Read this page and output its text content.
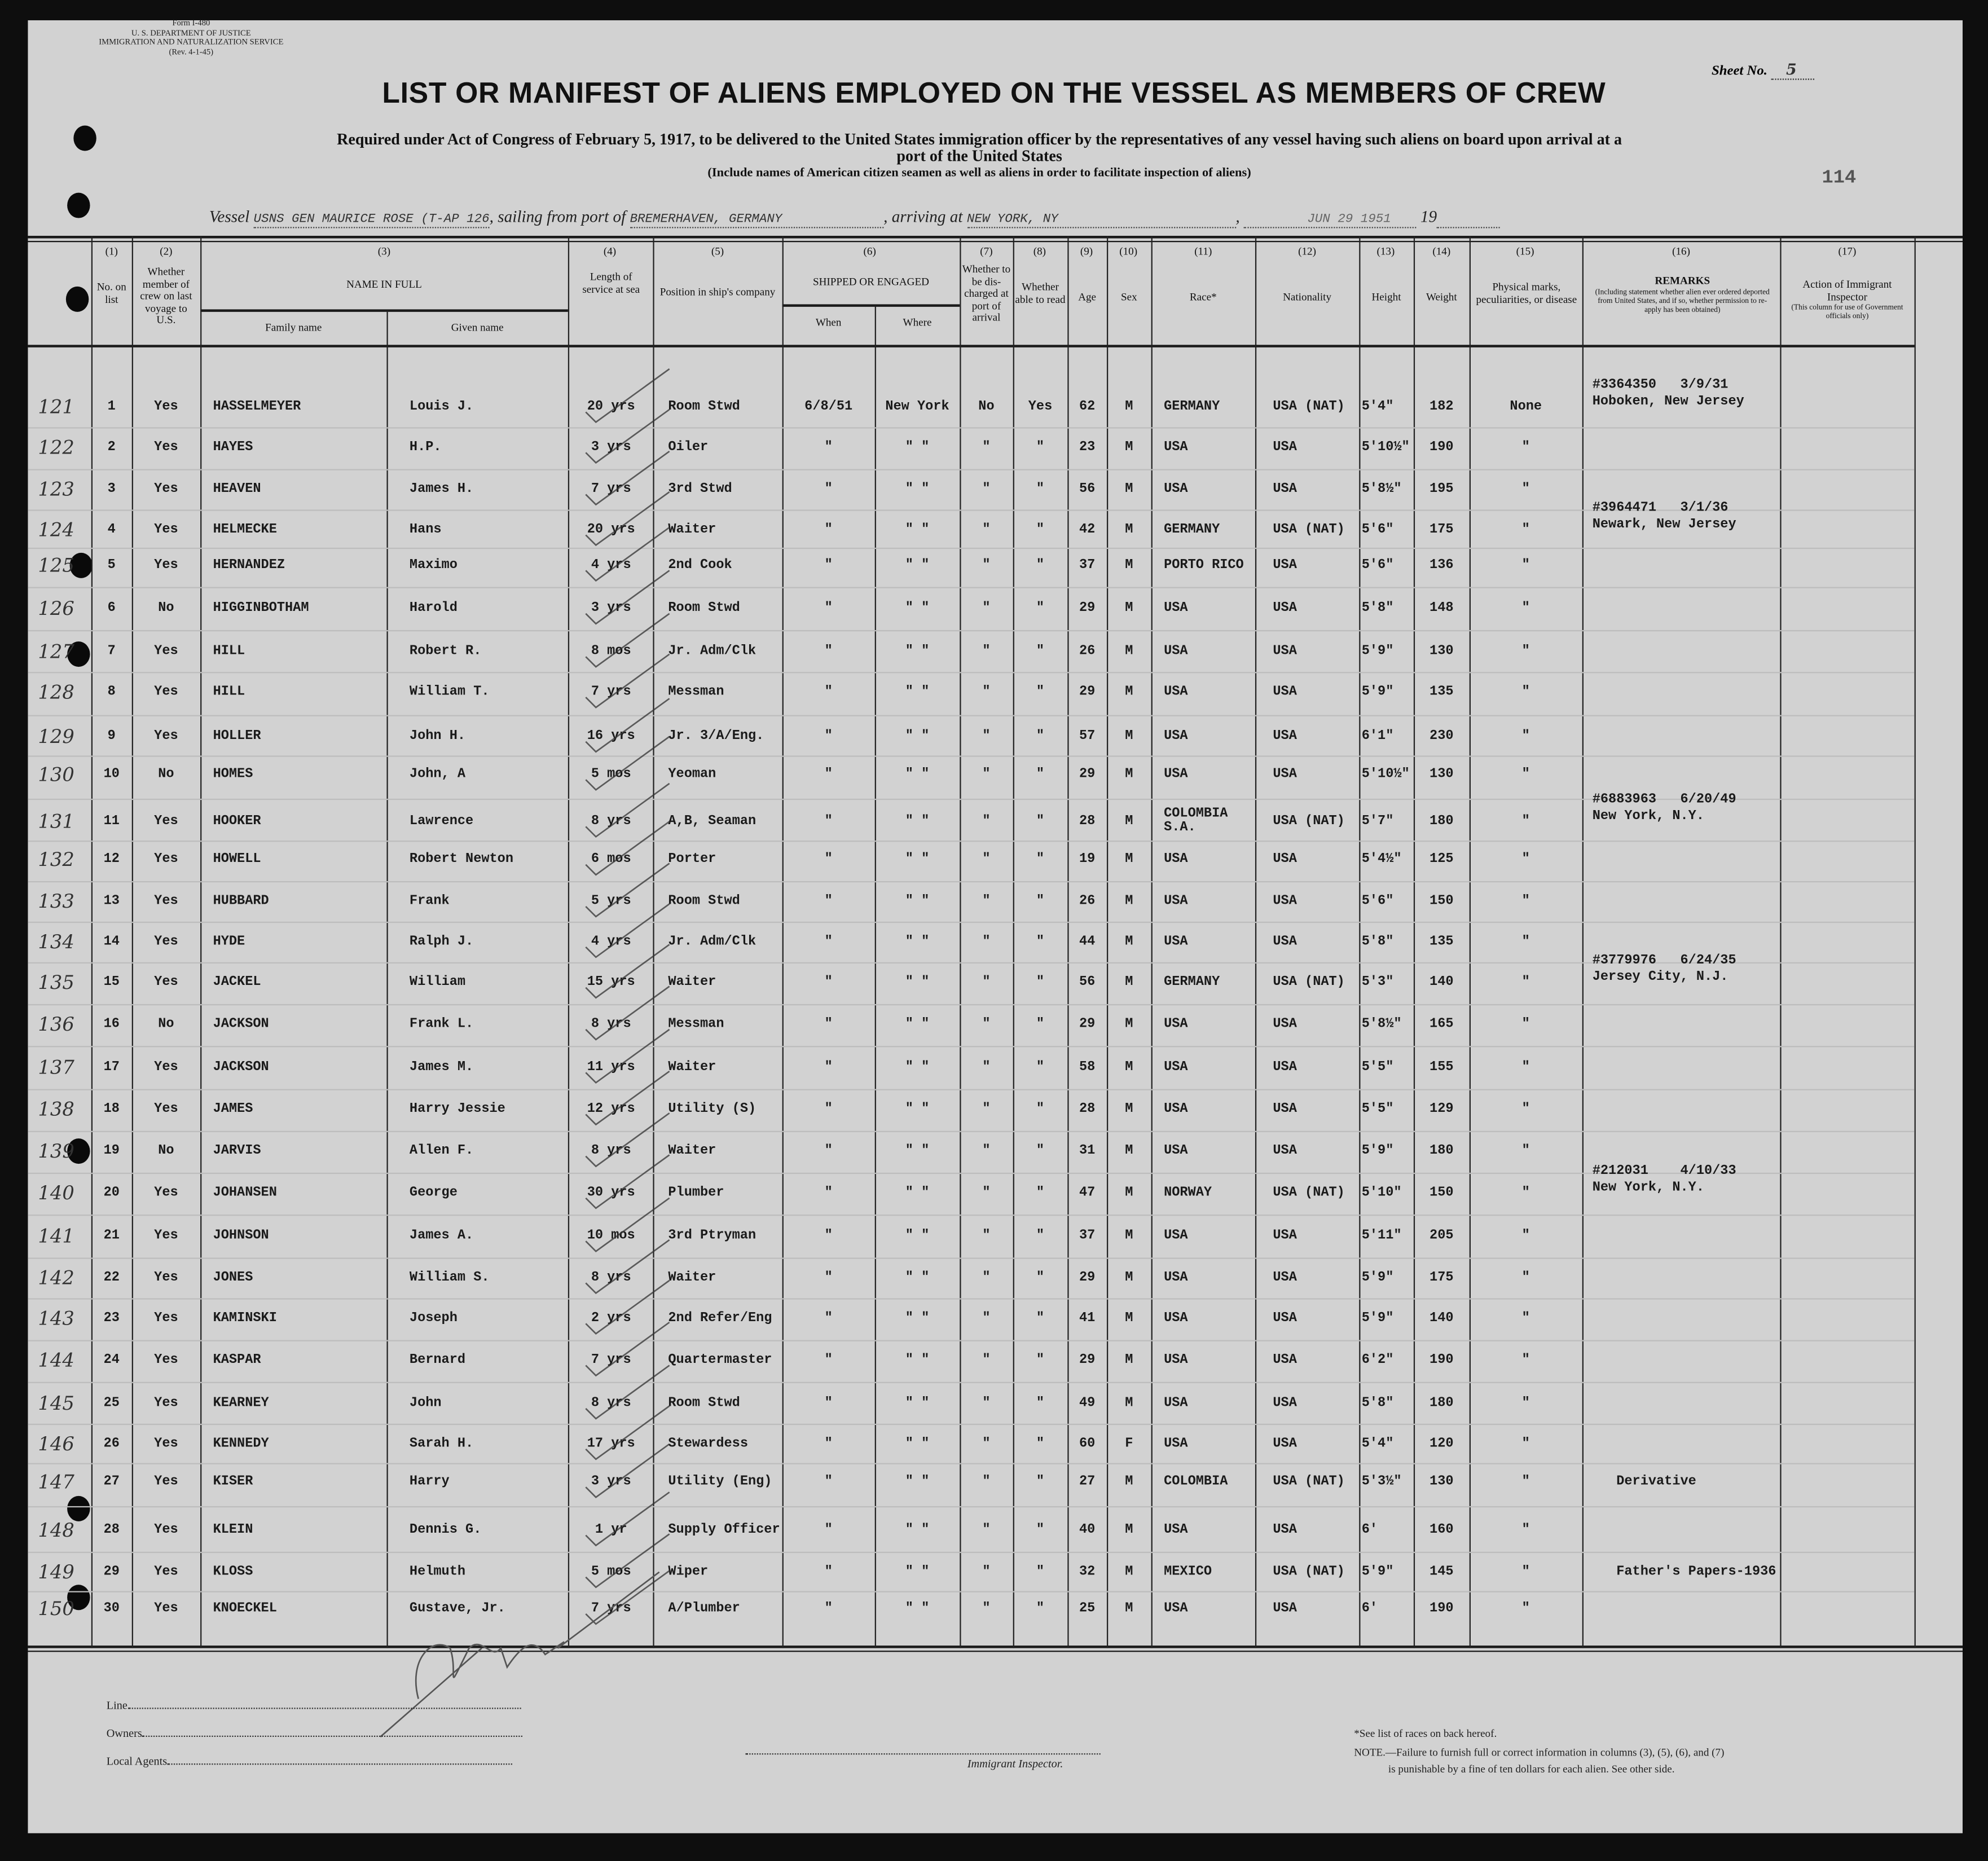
Form I-480
U. S. DEPARTMENT OF JUSTICE
IMMIGRATION AND NATURALIZATION SERVICE
(Rev. 4-1-45)
Sheet No.	5
LIST OR MANIFEST OF ALIENS EMPLOYED ON THE VESSEL AS MEMBERS OF CREW
Required under Act of Congress of February 5, 1917, to be delivered to the United States immigration officer by the representatives of any vessel having such aliens on board upon arrival at a
port of the United States
(Include names of American citizen seamen as well as aliens in order to facilitate inspection of aliens)	114
Vessel USNS GEN MAURICE ROSE (T-AP 126, sailing from port of BREMERHAVEN, GERMANY	, arriving at NEW YORK, NY	,	JUN 29 1951	19
(1)	(2)	(3)	(4)	(5)	(6)	(7)	(8)	(9)	(10)	(11)	(12)	(13)	(14)	(15)	(16)	(17)
No. on list
Whether member of crew on last voyage to U.S.
NAME IN FULL
Family name	Given name
Length of service at sea	Position in ship's company
SHIPPED OR ENGAGED
When	Where
Whether to be dis-charged at port of arrival
Whether able to read	Age	Sex	Race*	Nationality	Height	Weight
Physical marks, peculiarities, or disease
REMARKS
(Including statement whether alien ever ordered deported from United States, and if so, whether permission to re-apply has been obtained)
Action of Immigrant Inspector
(This column for use of Government officials only)
121	1	Yes	HASSELMEYER	Louis J.	20 yrs	Room Stwd	6/8/51	New York	No	Yes	62	M	GERMANY	USA (NAT)	5'4"	182	None
#3364350   3/9/31
Hoboken, New Jersey
122	2	Yes	HAYES	H.P.	3 yrs	Oiler	"	" "	"	"	23	M	USA	USA	5'10½"	190	"
123	3	Yes	HEAVEN	James H.	7 yrs	3rd Stwd	"	" "	"	"	56	M	USA	USA	5'8½"	195	"
124	4	Yes	HELMECKE	Hans	20 yrs	Waiter	"	" "	"	"	42	M	GERMANY	USA (NAT)	5'6"	175	"
#3964471   3/1/36
Newark, New Jersey
125	5	Yes	HERNANDEZ	Maximo	4 yrs	2nd Cook	"	" "	"	"	37	M	PORTO RICO	USA	5'6"	136	"
126	6	No	HIGGINBOTHAM	Harold	3 yrs	Room Stwd	"	" "	"	"	29	M	USA	USA	5'8"	148	"
127	7	Yes	HILL	Robert R.	8 mos	Jr. Adm/Clk	"	" "	"	"	26	M	USA	USA	5'9"	130	"
128	8	Yes	HILL	William T.	7 yrs	Messman	"	" "	"	"	29	M	USA	USA	5'9"	135	"
129	9	Yes	HOLLER	John H.	16 yrs	Jr. 3/A/Eng.	"	" "	"	"	57	M	USA	USA	6'1"	230	"
130	10	No	HOMES	John, A	5 mos	Yeoman	"	" "	"	"	29	M	USA	USA	5'10½"	130	"
131	11	Yes	HOOKER	Lawrence	8 yrs	A,B, Seaman	"	" "	"	"	28	M	COLOMBIA S.A.	USA (NAT)	5'7"	180	"
#6883963   6/20/49
New York, N.Y.
132	12	Yes	HOWELL	Robert Newton	6 mos	Porter	"	" "	"	"	19	M	USA	USA	5'4½"	125	"
133	13	Yes	HUBBARD	Frank	5 yrs	Room Stwd	"	" "	"	"	26	M	USA	USA	5'6"	150	"
134	14	Yes	HYDE	Ralph J.	4 yrs	Jr. Adm/Clk	"	" "	"	"	44	M	USA	USA	5'8"	135	"
135	15	Yes	JACKEL	William	15 yrs	Waiter	"	" "	"	"	56	M	GERMANY	USA (NAT)	5'3"	140	"
#3779976   6/24/35
Jersey City, N.J.
136	16	No	JACKSON	Frank L.	8 yrs	Messman	"	" "	"	"	29	M	USA	USA	5'8½"	165	"
137	17	Yes	JACKSON	James M.	11 yrs	Waiter	"	" "	"	"	58	M	USA	USA	5'5"	155	"
138	18	Yes	JAMES	Harry Jessie	12 yrs	Utility (S)	"	" "	"	"	28	M	USA	USA	5'5"	129	"
139	19	No	JARVIS	Allen F.	8 yrs	Waiter	"	" "	"	"	31	M	USA	USA	5'9"	180	"
140	20	Yes	JOHANSEN	George	30 yrs	Plumber	"	" "	"	"	47	M	NORWAY	USA (NAT)	5'10"	150	"
#212031    4/10/33
New York, N.Y.
141	21	Yes	JOHNSON	James A.	10 mos	3rd Ptryman	"	" "	"	"	37	M	USA	USA	5'11"	205	"
142	22	Yes	JONES	William S.	8 yrs	Waiter	"	" "	"	"	29	M	USA	USA	5'9"	175	"
143	23	Yes	KAMINSKI	Joseph	2 yrs	2nd Refer/Eng	"	" "	"	"	41	M	USA	USA	5'9"	140	"
144	24	Yes	KASPAR	Bernard	7 yrs	Quartermaster	"	" "	"	"	29	M	USA	USA	6'2"	190	"
145	25	Yes	KEARNEY	John	8 yrs	Room Stwd	"	" "	"	"	49	M	USA	USA	5'8"	180	"
146	26	Yes	KENNEDY	Sarah H.	17 yrs	Stewardess	"	" "	"	"	60	F	USA	USA	5'4"	120	"
147	27	Yes	KISER	Harry	3 yrs	Utility (Eng)	"	" "	"	"	27	M	COLOMBIA	USA (NAT)	5'3½"	130	"	Derivative
148	28	Yes	KLEIN	Dennis G.	1 yr	Supply Officer	"	" "	"	"	40	M	USA	USA	6'	160	"
149	29	Yes	KLOSS	Helmuth	5 mos	Wiper	"	" "	"	"	32	M	MEXICO	USA (NAT)	5'9"	145	"	Father's Papers-1936
150	30	Yes	KNOECKEL	Gustave, Jr.	7 yrs	A/Plumber	"	" "	"	"	25	M	USA	USA	6'	190	"
Line
Owners
Local Agents	Immigrant Inspector.
*See list of races on back hereof.
NOTE.—Failure to furnish full or correct information in columns (3), (5), (6), and (7)
is punishable by a fine of ten dollars for each alien. See other side.
